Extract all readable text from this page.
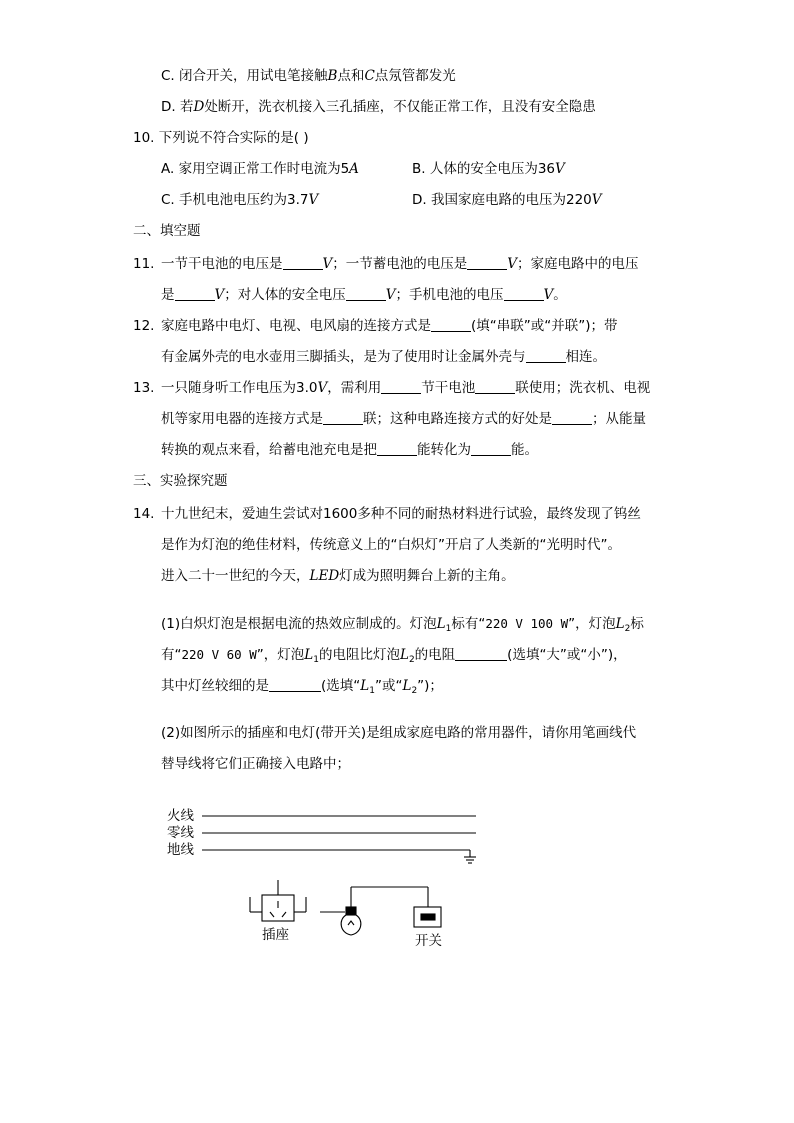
C. 闭合开关，用试电笔接触B点和C点氖管都发光
D. 若D处断开，洗衣机接入三孔插座，不仅能正常工作，且没有安全隐患
10. 下列说不符合实际的是( )
A. 家用空调正常工作时电流为5A	B. 人体的安全电压为36V
C. 手机电池电压约为3.7V	D. 我国家庭电路的电压为220V
二、填空题
11. 一节干电池的电压是	V；一节蓄电池的电压是	V；家庭电路中的电压
是	V；对人体的安全电压	V；手机电池的电压	V。
12. 家庭电路中电灯、电视、电风扇的连接方式是	(填“串联”或“并联”)；带
有金属外壳的电水壶用三脚插头，是为了使用时让金属外壳与	相连。
13. 一只随身听工作电压为3.0V，需利用	节干电池	联使用；洗衣机、电视
机等家用电器的连接方式是	联；这种电路连接方式的好处是	；从能量
转换的观点来看，给蓄电池充电是把	能转化为	能。
三、实验探究题
14. 十九世纪末，爱迪生尝试对1600多种不同的耐热材料进行试验，最终发现了钨丝
是作为灯泡的绝佳材料，传统意义上的“白炽灯”开启了人类新的“光明时代”。
进入二十一世纪的今天，LED灯成为照明舞台上新的主角。
(1)白炽灯泡是根据电流的热效应制成的。灯泡$L_1$标有“220 V 100 W”，灯泡$L_2$标
有“220 V 60 W”，灯泡$L_1$的电阻比灯泡$L_2$的电阻	(选填“大”或“小”)，
其中灯丝较细的是	(选填“$L_1$”或“$L_2$”)；
(2)如图所示的插座和电灯(带开关)是组成家庭电路的常用器件，请你用笔画线代
替导线将它们正确接入电路中；
火线
零线
地线
插座	开关
